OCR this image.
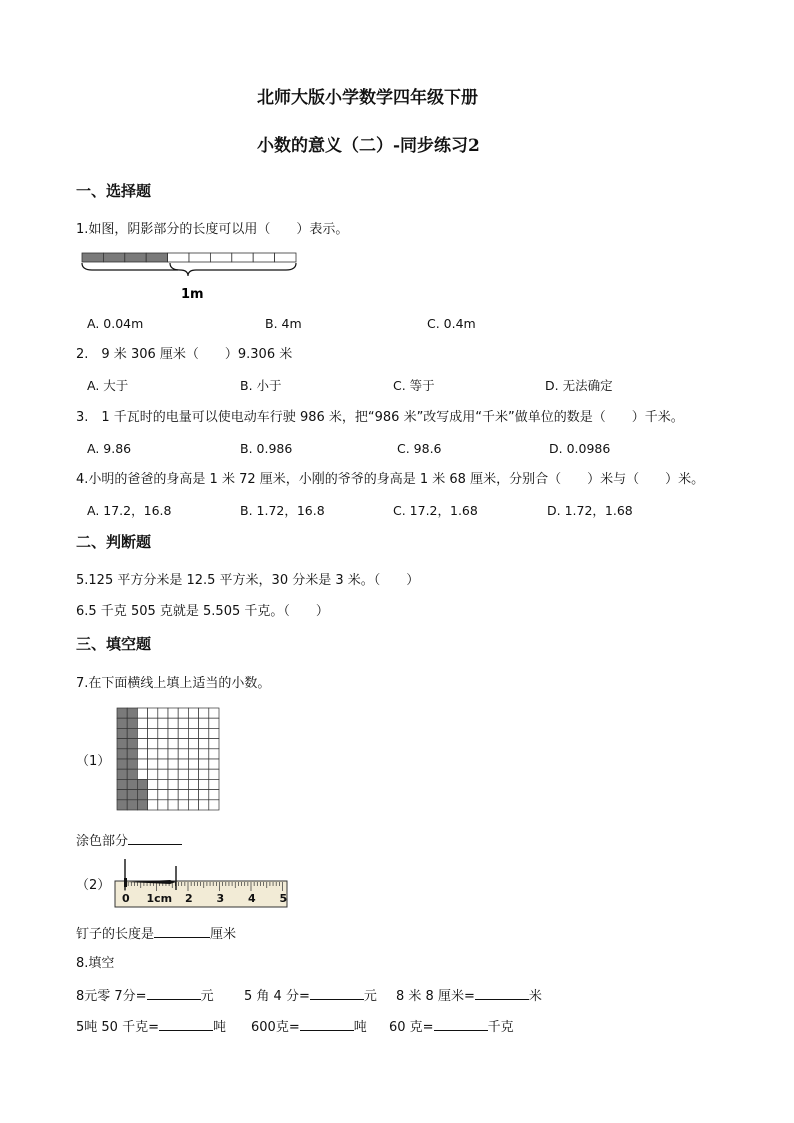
北师大版小学数学四年级下册
小数的意义（二）-同步练习2
一、选择题
1.如图，阴影部分的长度可以用（　　）表示。
1m
A. 0.04m	B. 4m	C. 0.4m
2.　9 米 306 厘米（　　）9.306 米
A. 大于	B. 小于	C. 等于	D. 无法确定
3.　1 千瓦时的电量可以使电动车行驶 986 米，把“986 米”改写成用“千米”做单位的数是（　　）千米。
A. 9.86	B. 0.986	C. 98.6	D. 0.0986
4.小明的爸爸的身高是 1 米 72 厘米，小刚的爷爷的身高是 1 米 68 厘米，分别合（　　）米与（　　）米。
A. 17.2，16.8	B. 1.72，16.8	C. 17.2，1.68	D. 1.72，1.68
二、判断题
5.125 平方分米是 12.5 平方米，30 分米是 3 米。（　　）
6.5 千克 505 克就是 5.505 千克。（　　）
三、填空题
7.在下面横线上填上适当的小数。
（1）
涂色部分
（2）
0 1cm 2 3 4 5
钉子的长度是	厘米
8.填空
8元零 7分=	元 5 角 4 分=	元 8 米 8 厘米=	米
5吨 50 千克=	吨 600克=	吨 60 克=	千克
